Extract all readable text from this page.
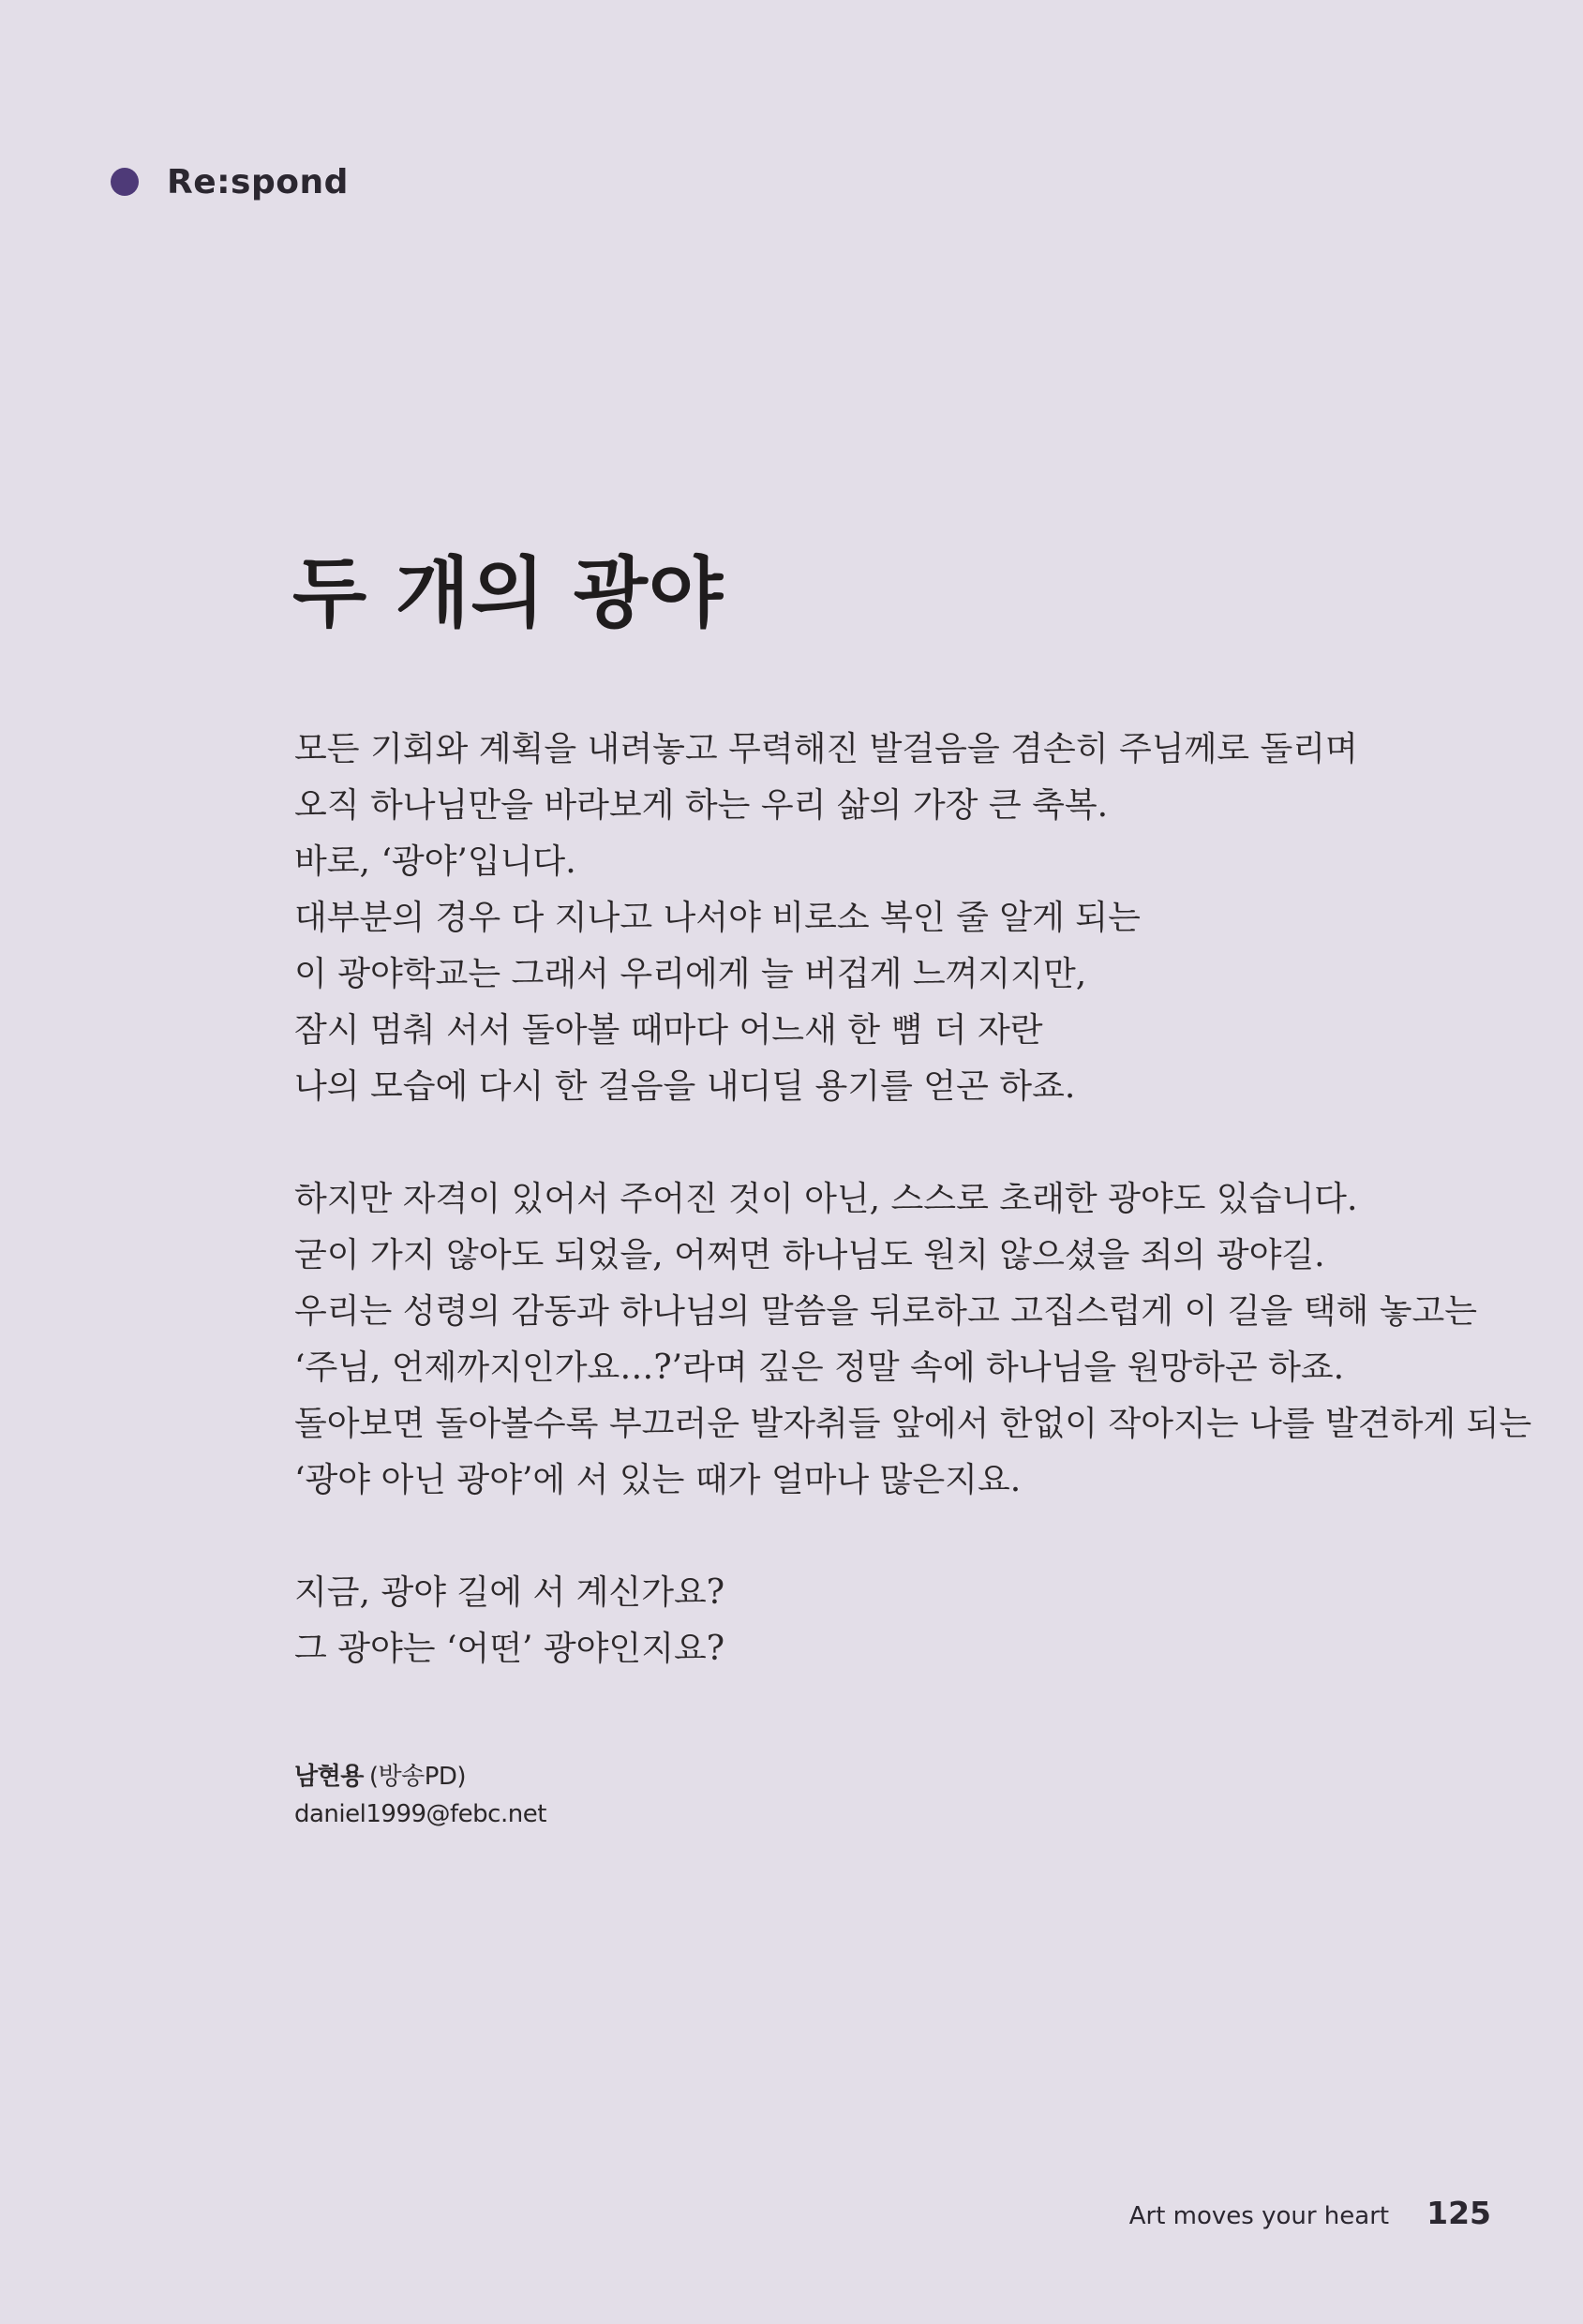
Re:spond
두 개의 광야

모든 기회와 계획을 내려놓고 무력해진 발걸음을 겸손히 주님께로 돌리며
오직 하나님만을 바라보게 하는 우리 삶의 가장 큰 축복.
바로, ‘광야’입니다.
대부분의 경우 다 지나고 나서야 비로소 복인 줄 알게 되는
이 광야학교는 그래서 우리에게 늘 버겁게 느껴지지만,
잠시 멈춰 서서 돌아볼 때마다 어느새 한 뼘 더 자란
나의 모습에 다시 한 걸음을 내디딜 용기를 얻곤 하죠.

하지만 자격이 있어서 주어진 것이 아닌, 스스로 초래한 광야도 있습니다.
굳이 가지 않아도 되었을, 어쩌면 하나님도 원치 않으셨을 죄의 광야길.
우리는 성령의 감동과 하나님의 말씀을 뒤로하고 고집스럽게 이 길을 택해 놓고는
‘주님, 언제까지인가요…?’라며 깊은 정말 속에 하나님을 원망하곤 하죠.
돌아보면 돌아볼수록 부끄러운 발자취들 앞에서 한없이 작아지는 나를 발견하게 되는
‘광야 아닌 광야’에 서 있는 때가 얼마나 많은지요.

지금, 광야 길에 서 계신가요?
그 광야는 ‘어떤’ 광야인지요?

남현용 (방송PD)
daniel1999@febc.net
Art moves your heart 125
